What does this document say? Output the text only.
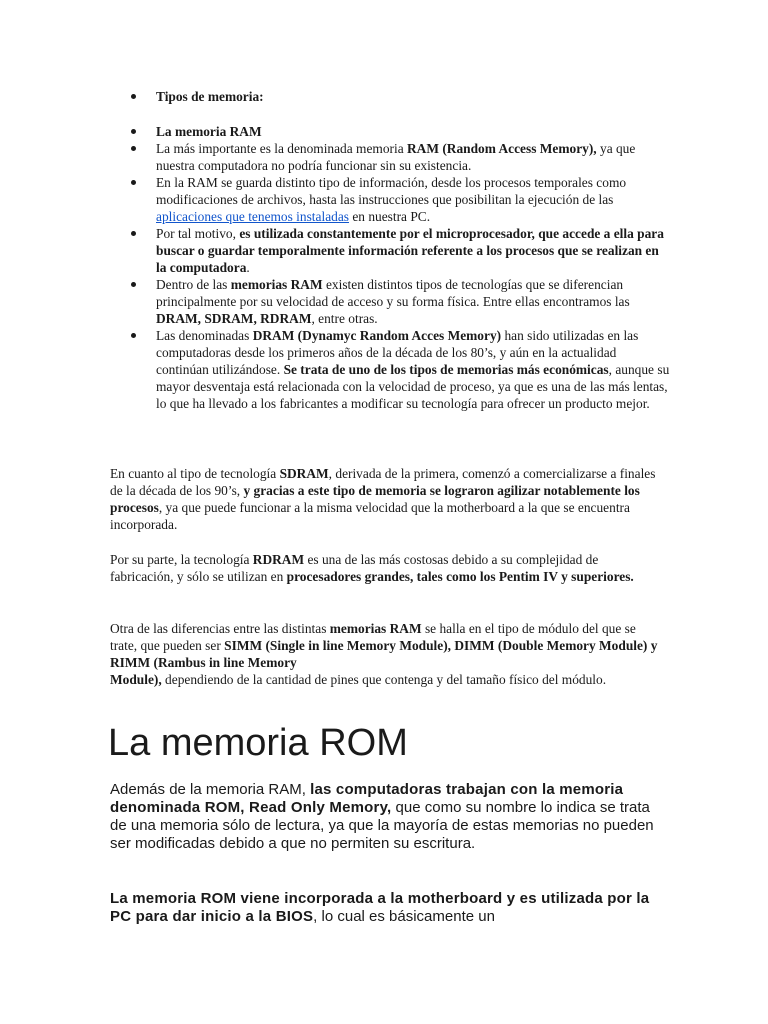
Tipos de memoria:
La memoria RAM
La más importante es la denominada memoria RAM (Random Access Memory), ya que nuestra computadora no podría funcionar sin su existencia.
En la RAM se guarda distinto tipo de información, desde los procesos temporales como modificaciones de archivos, hasta las instrucciones que posibilitan la ejecución de las aplicaciones que tenemos instaladas en nuestra PC.
Por tal motivo, es utilizada constantemente por el microprocesador, que accede a ella para buscar o guardar temporalmente información referente a los procesos que se realizan en la computadora.
Dentro de las memorias RAM existen distintos tipos de tecnologías que se diferencian principalmente por su velocidad de acceso y su forma física. Entre ellas encontramos las DRAM, SDRAM, RDRAM, entre otras.
Las denominadas DRAM (Dynamyc Random Acces Memory) han sido utilizadas en las computadoras desde los primeros años de la década de los 80’s, y aún en la actualidad continúan utilizándose. Se trata de uno de los tipos de memorias más económicas, aunque su mayor desventaja está relacionada con la velocidad de proceso, ya que es una de las más lentas, lo que ha llevado a los fabricantes a modificar su tecnología para ofrecer un producto mejor.

En cuanto al tipo de tecnología SDRAM, derivada de la primera, comenzó a comercializarse a finales de la década de los 90’s, y gracias a este tipo de memoria se lograron agilizar notablemente los procesos, ya que puede funcionar a la misma velocidad que la motherboard a la que se encuentra incorporada.

Por su parte, la tecnología RDRAM es una de las más costosas debido a su complejidad de fabricación, y sólo se utilizan en procesadores grandes, tales como los Pentim IV y superiores.

Otra de las diferencias entre las distintas memorias RAM se halla en el tipo de módulo del que se trate, que pueden ser SIMM (Single in line Memory Module), DIMM (Double Memory Module) y RIMM (Rambus in line Memory
Module), dependiendo de la cantidad de pines que contenga y del tamaño físico del módulo.

La memoria ROM

Además de la memoria RAM, las computadoras trabajan con la memoria denominada ROM, Read Only Memory, que como su nombre lo indica se trata de una memoria sólo de lectura, ya que la mayoría de estas memorias no pueden ser modificadas debido a que no permiten su escritura.

La memoria ROM viene incorporada a la motherboard y es utilizada por la PC para dar inicio a la BIOS, lo cual es básicamente un
